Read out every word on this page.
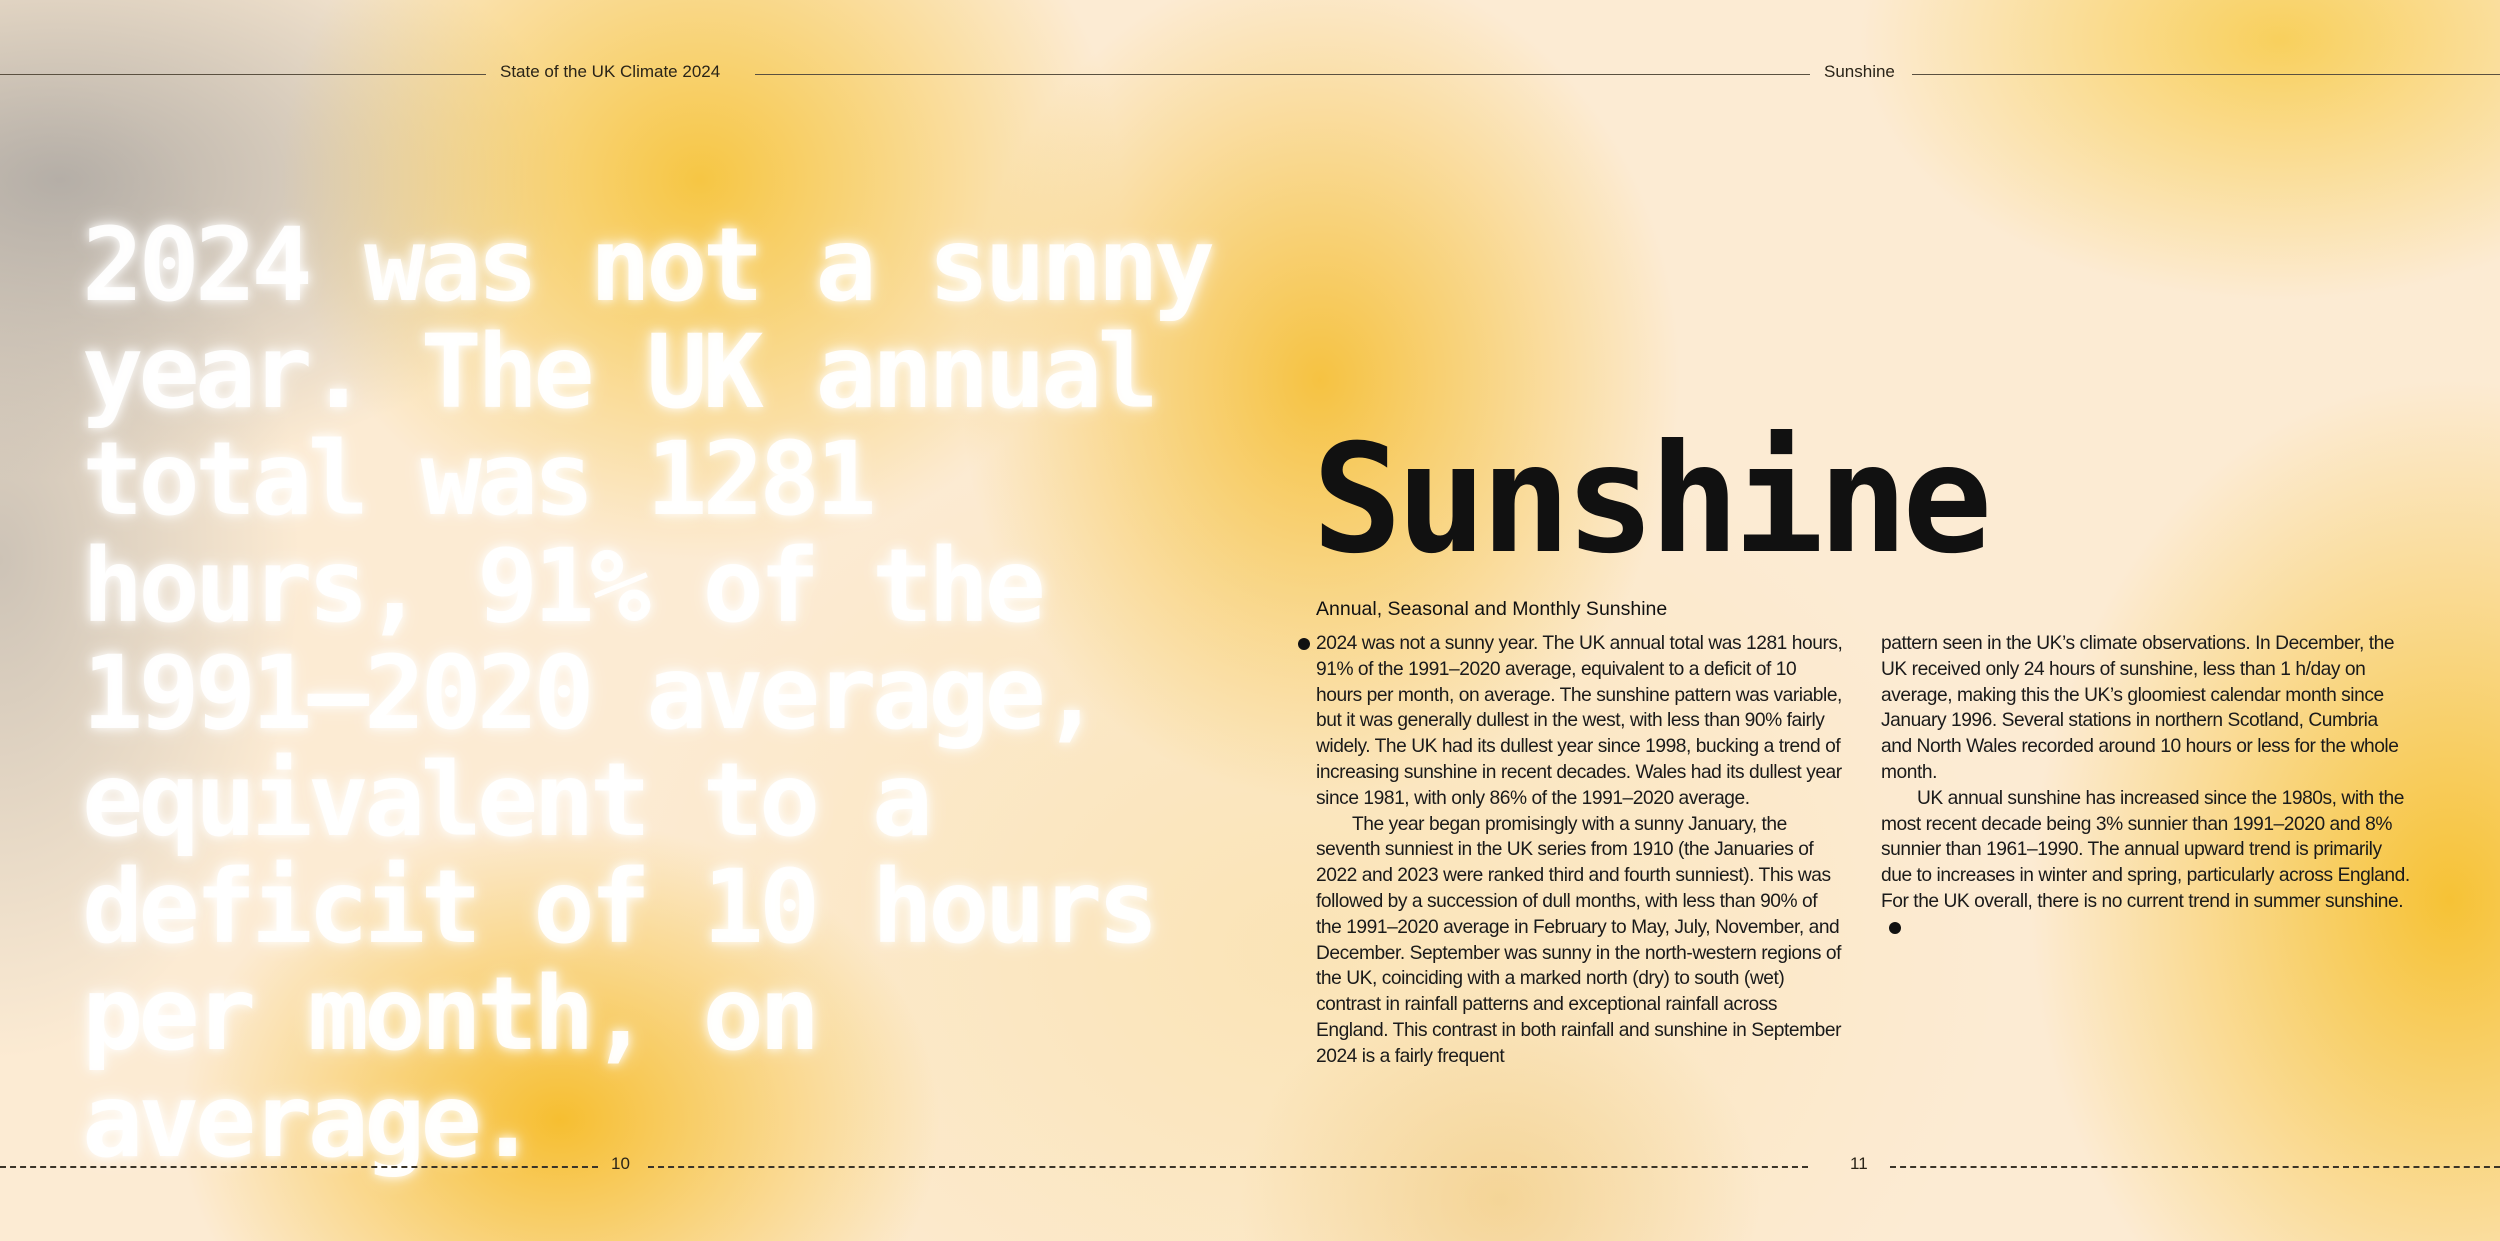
State of the UK Climate 2024	Sunshine

2024 was not a sunny year. The UK annual total was 1281 hours, 91% of the 1991–2020 average, equivalent to a deficit of 10 hours per month, on average.

Sunshine
Annual, Seasonal and Monthly Sunshine

2024 was not a sunny year. The UK annual total was 1281 hours, 91% of the 1991–2020 average, equivalent to a deficit of 10 hours per month, on average. The sunshine pattern was variable, but it was generally dullest in the west, with less than 90% fairly widely. The UK had its dullest year since 1998, bucking a trend of increasing sunshine in recent decades. Wales had its dullest year since 1981, with only 86% of the 1991–2020 average.

The year began promisingly with a sunny January, the seventh sunniest in the UK series from 1910 (the Januaries of 2022 and 2023 were ranked third and fourth sunniest). This was followed by a succession of dull months, with less than 90% of the 1991–2020 average in February to May, July, November, and December. September was sunny in the north-western regions of the UK, coinciding with a marked north (dry) to south (wet) contrast in rainfall patterns and exceptional rainfall across England. This contrast in both rainfall and sunshine in September 2024 is a fairly frequent

pattern seen in the UK’s climate observations. In December, the UK received only 24 hours of sunshine, less than 1 h/day on average, making this the UK’s gloomiest calendar month since January 1996. Several stations in northern Scotland, Cumbria and North Wales recorded around 10 hours or less for the whole month.

UK annual sunshine has increased since the 1980s, with the most recent decade being 3% sunnier than 1991–2020 and 8% sunnier than 1961–1990. The annual upward trend is primarily due to increases in winter and spring, particularly across England. For the UK overall, there is no current trend in summer sunshine.

10	11
